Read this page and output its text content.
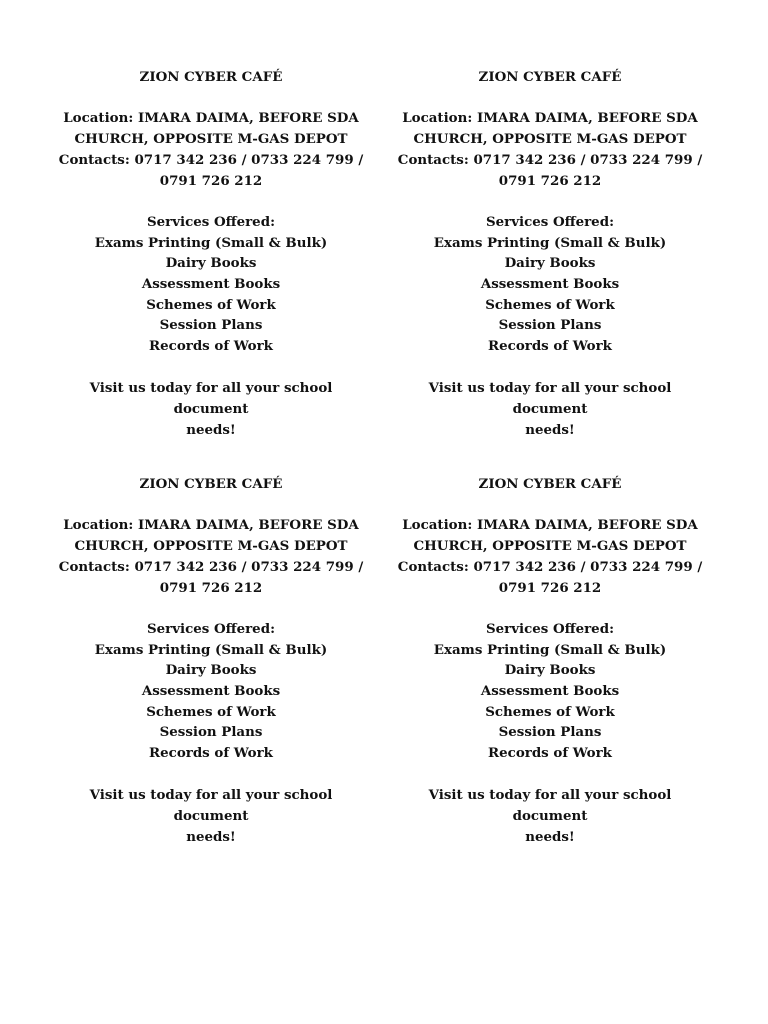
ZION CYBER CAFÉ

Location: IMARA DAIMA, BEFORE SDA

CHURCH, OPPOSITE M-GAS DEPOT

Contacts: 0717 342 236 / 0733 224 799 /

0791 726 212

Services Offered:

Exams Printing (Small & Bulk)
Dairy Books
Assessment Books
Schemes of Work
Session Plans
Records of Work

Visit us today for all your school document

needs!

ZION CYBER CAFÉ

Location: IMARA DAIMA, BEFORE SDA

CHURCH, OPPOSITE M-GAS DEPOT

Contacts: 0717 342 236 / 0733 224 799 /

0791 726 212

Services Offered:

Exams Printing (Small & Bulk)
Dairy Books
Assessment Books
Schemes of Work
Session Plans
Records of Work

Visit us today for all your school document

needs!

ZION CYBER CAFÉ

Location: IMARA DAIMA, BEFORE SDA

CHURCH, OPPOSITE M-GAS DEPOT

Contacts: 0717 342 236 / 0733 224 799 /

0791 726 212

Services Offered:

Exams Printing (Small & Bulk)
Dairy Books
Assessment Books
Schemes of Work
Session Plans
Records of Work

Visit us today for all your school document

needs!

ZION CYBER CAFÉ

Location: IMARA DAIMA, BEFORE SDA

CHURCH, OPPOSITE M-GAS DEPOT

Contacts: 0717 342 236 / 0733 224 799 /

0791 726 212

Services Offered:

Exams Printing (Small & Bulk)
Dairy Books
Assessment Books
Schemes of Work
Session Plans
Records of Work

Visit us today for all your school document

needs!
